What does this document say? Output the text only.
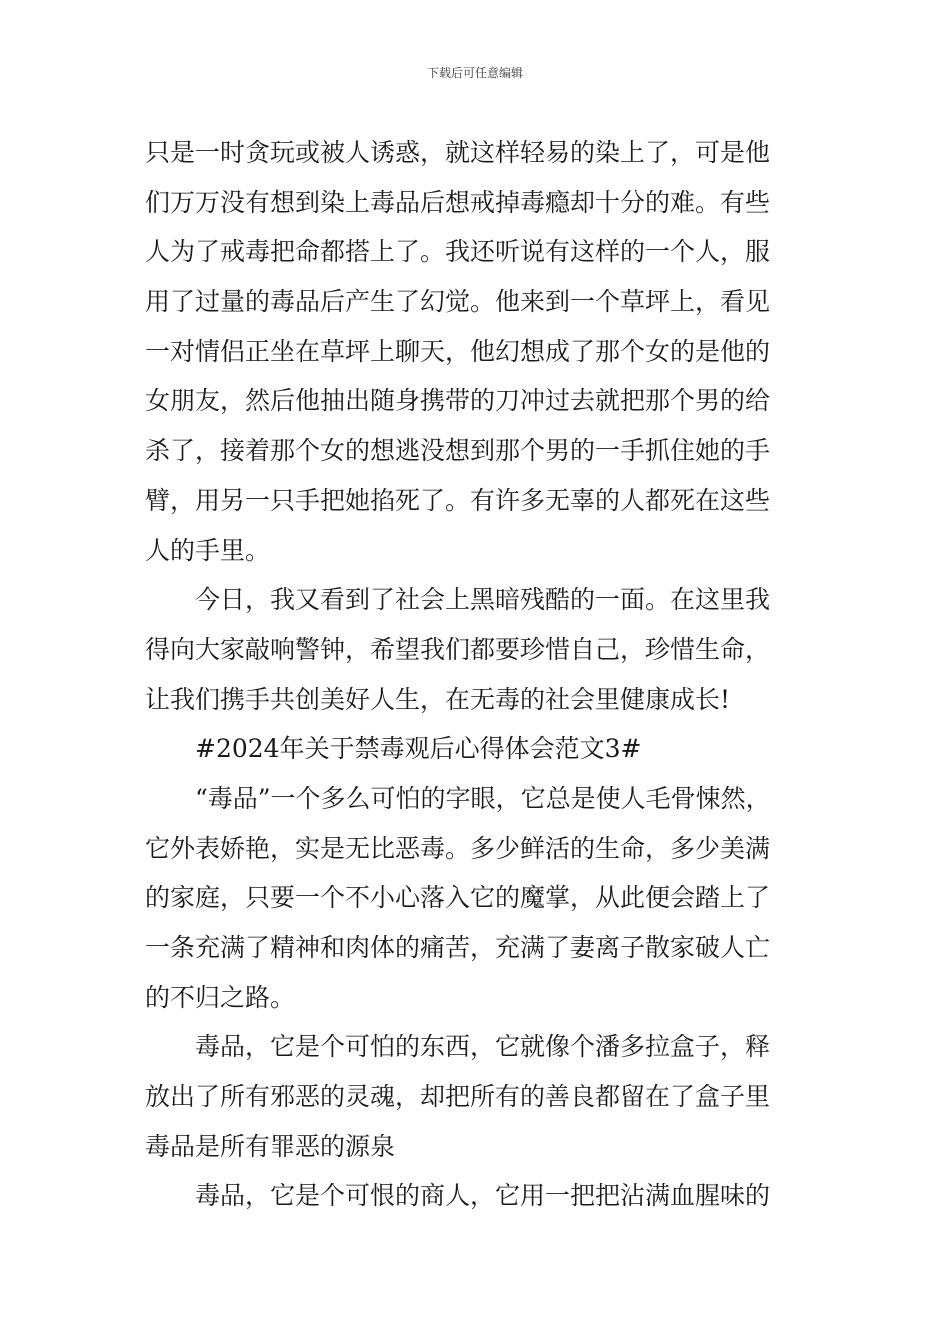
下载后可任意编辑
只是一时贪玩或被人诱惑，就这样轻易的染上了，可是他
们万万没有想到染上毒品后想戒掉毒瘾却十分的难。有些
人为了戒毒把命都搭上了。我还听说有这样的一个人，服
用了过量的毒品后产生了幻觉。他来到一个草坪上，看见
一对情侣正坐在草坪上聊天，他幻想成了那个女的是他的
女朋友，然后他抽出随身携带的刀冲过去就把那个男的给
杀了，接着那个女的想逃没想到那个男的一手抓住她的手
臂，用另一只手把她掐死了。有许多无辜的人都死在这些
人的手里。
今日，我又看到了社会上黑暗残酷的一面。在这里我
得向大家敲响警钟，希望我们都要珍惜自己，珍惜生命，
让我们携手共创美好人生，在无毒的社会里健康成长!
#2024年关于禁毒观后心得体会范文3#
“毒品”一个多么可怕的字眼，它总是使人毛骨悚然，
它外表娇艳，实是无比恶毒。多少鲜活的生命，多少美满
的家庭，只要一个不小心落入它的魔掌，从此便会踏上了
一条充满了精神和肉体的痛苦，充满了妻离子散家破人亡
的不归之路。
毒品，它是个可怕的东西，它就像个潘多拉盒子，释
放出了所有邪恶的灵魂，却把所有的善良都留在了盒子里
毒品是所有罪恶的源泉
毒品，它是个可恨的商人，它用一把把沾满血腥味的
